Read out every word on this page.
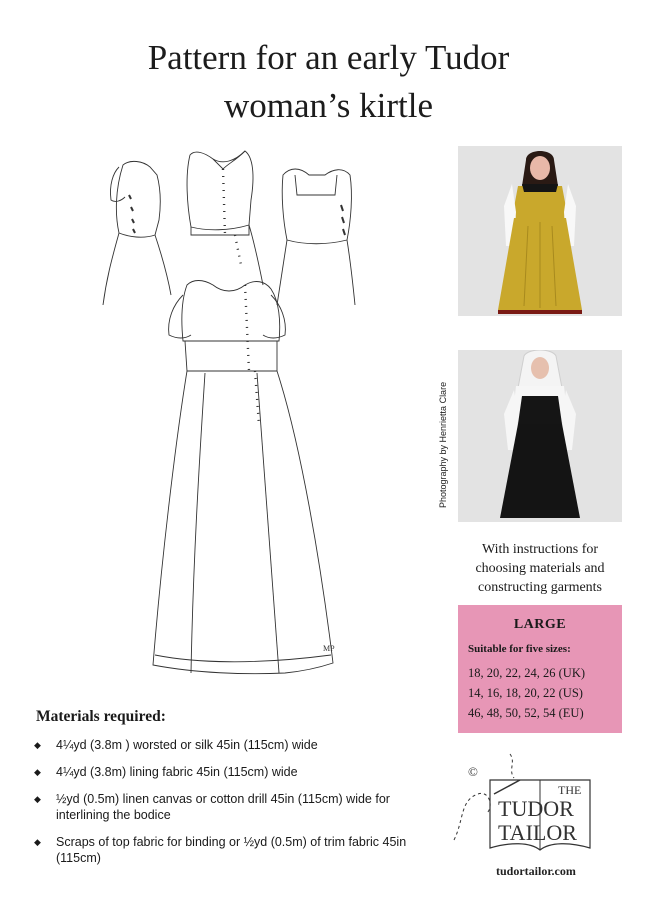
Pattern for an early Tudor
woman’s kirtle
MP
Photography by Henrietta Clare
With instructions for
choosing materials and
constructing garments
LARGE
Suitable for five sizes:
18, 20, 22, 24, 26 (UK)
14, 16, 18, 20, 22 (US)
46, 48, 50, 52, 54 (EU)
Materials required:
◆ 4¼yd (3.8m ) worsted or silk 45in (115cm) wide
◆ 4¼yd (3.8m) lining fabric 45in (115cm) wide
◆ ½yd (0.5m) linen canvas or cotton drill 45in (115cm) wide for interlining the bodice
◆ Scraps of top fabric for binding or ½yd (0.5m) of trim fabric 45in (115cm)
©
THE
TUDOR
TAILOR
tudortailor.com
